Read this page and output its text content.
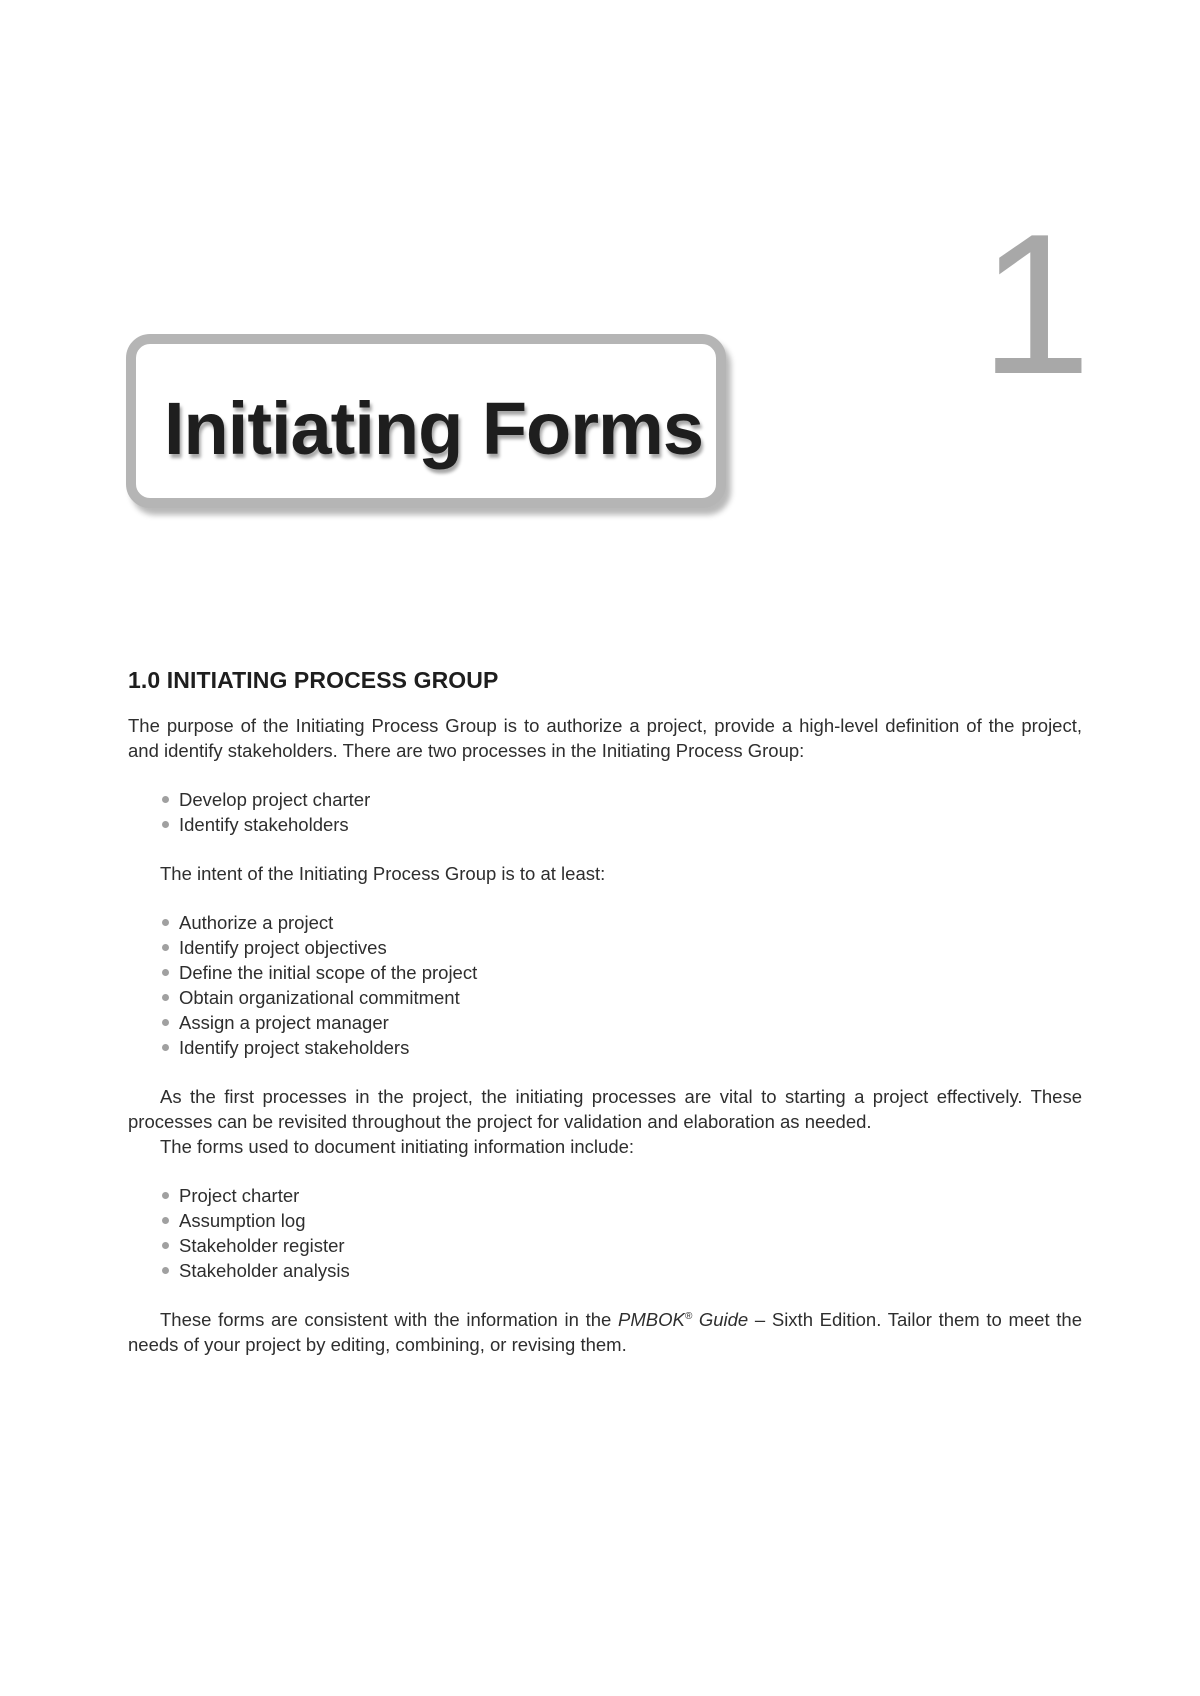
1
Initiating Forms
1.0 INITIATING PROCESS GROUP

The purpose of the Initiating Process Group is to authorize a project, provide a high-level definition of the project, and identify stakeholders. There are two processes in the Initiating Process Group:

Develop project charter
Identify stakeholders

The intent of the Initiating Process Group is to at least:

Authorize a project
Identify project objectives
Define the initial scope of the project
Obtain organizational commitment
Assign a project manager
Identify project stakeholders

As the first processes in the project, the initiating processes are vital to starting a project effectively. These processes can be revisited throughout the project for validation and elaboration as needed.

The forms used to document initiating information include:

Project charter
Assumption log
Stakeholder register
Stakeholder analysis

These forms are consistent with the information in the PMBOK® Guide – Sixth Edition. Tailor them to meet the needs of your project by editing, combining, or revising them.
